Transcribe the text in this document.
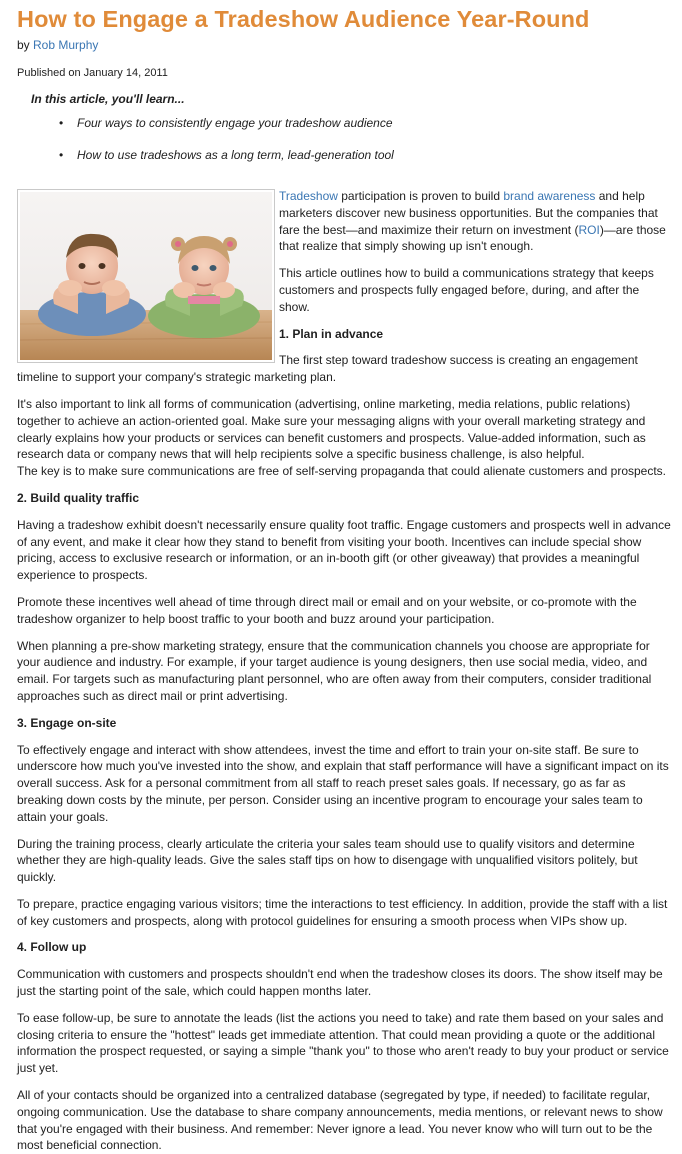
How to Engage a Tradeshow Audience Year-Round
by Rob Murphy
Published on January 14, 2011
In this article, you'll learn...
• Four ways to consistently engage your tradeshow audience
• How to use tradeshows as a long term, lead-generation tool

Tradeshow participation is proven to build brand awareness and help marketers discover new business opportunities. But the companies that fare the best—and maximize their return on investment (ROI)—are those that realize that simply showing up isn't enough.

This article outlines how to build a communications strategy that keeps customers and prospects fully engaged before, during, and after the show.

1. Plan in advance

The first step toward tradeshow success is creating an engagement timeline to support your company's strategic marketing plan.

It's also important to link all forms of communication (advertising, online marketing, media relations, public relations) together to achieve an action-oriented goal. Make sure your messaging aligns with your overall marketing strategy and clearly explains how your products or services can benefit customers and prospects. Value-added information, such as research data or company news that will help recipients solve a specific business challenge, is also helpful.

The key is to make sure communications are free of self-serving propaganda that could alienate customers and prospects.

2. Build quality traffic

Having a tradeshow exhibit doesn't necessarily ensure quality foot traffic. Engage customers and prospects well in advance of any event, and make it clear how they stand to benefit from visiting your booth. Incentives can include special show pricing, access to exclusive research or information, or an in-booth gift (or other giveaway) that provides a meaningful experience to prospects.

Promote these incentives well ahead of time through direct mail or email and on your website, or co-promote with the tradeshow organizer to help boost traffic to your booth and buzz around your participation.

When planning a pre-show marketing strategy, ensure that the communication channels you choose are appropriate for your audience and industry. For example, if your target audience is young designers, then use social media, video, and email. For targets such as manufacturing plant personnel, who are often away from their computers, consider traditional approaches such as direct mail or print advertising.

3. Engage on-site

To effectively engage and interact with show attendees, invest the time and effort to train your on-site staff. Be sure to underscore how much you've invested into the show, and explain that staff performance will have a significant impact on its overall success. Ask for a personal commitment from all staff to reach preset sales goals. If necessary, go as far as breaking down costs by the minute, per person. Consider using an incentive program to encourage your sales team to attain your goals.

During the training process, clearly articulate the criteria your sales team should use to qualify visitors and determine whether they are high-quality leads. Give the sales staff tips on how to disengage with unqualified visitors politely, but quickly.

To prepare, practice engaging various visitors; time the interactions to test efficiency. In addition, provide the staff with a list of key customers and prospects, along with protocol guidelines for ensuring a smooth process when VIPs show up.

4. Follow up

Communication with customers and prospects shouldn't end when the tradeshow closes its doors. The show itself may be just the starting point of the sale, which could happen months later.

To ease follow-up, be sure to annotate the leads (list the actions you need to take) and rate them based on your sales and closing criteria to ensure the "hottest" leads get immediate attention. That could mean providing a quote or the additional information the prospect requested, or saying a simple "thank you" to those who aren't ready to buy your product or service just yet.

All of your contacts should be organized into a centralized database (segregated by type, if needed) to facilitate regular, ongoing communication. Use the database to share company announcements, media mentions, or relevant news to show that you're engaged with their business. And remember: Never ignore a lead. You never know who will turn out to be the most beneficial connection.
